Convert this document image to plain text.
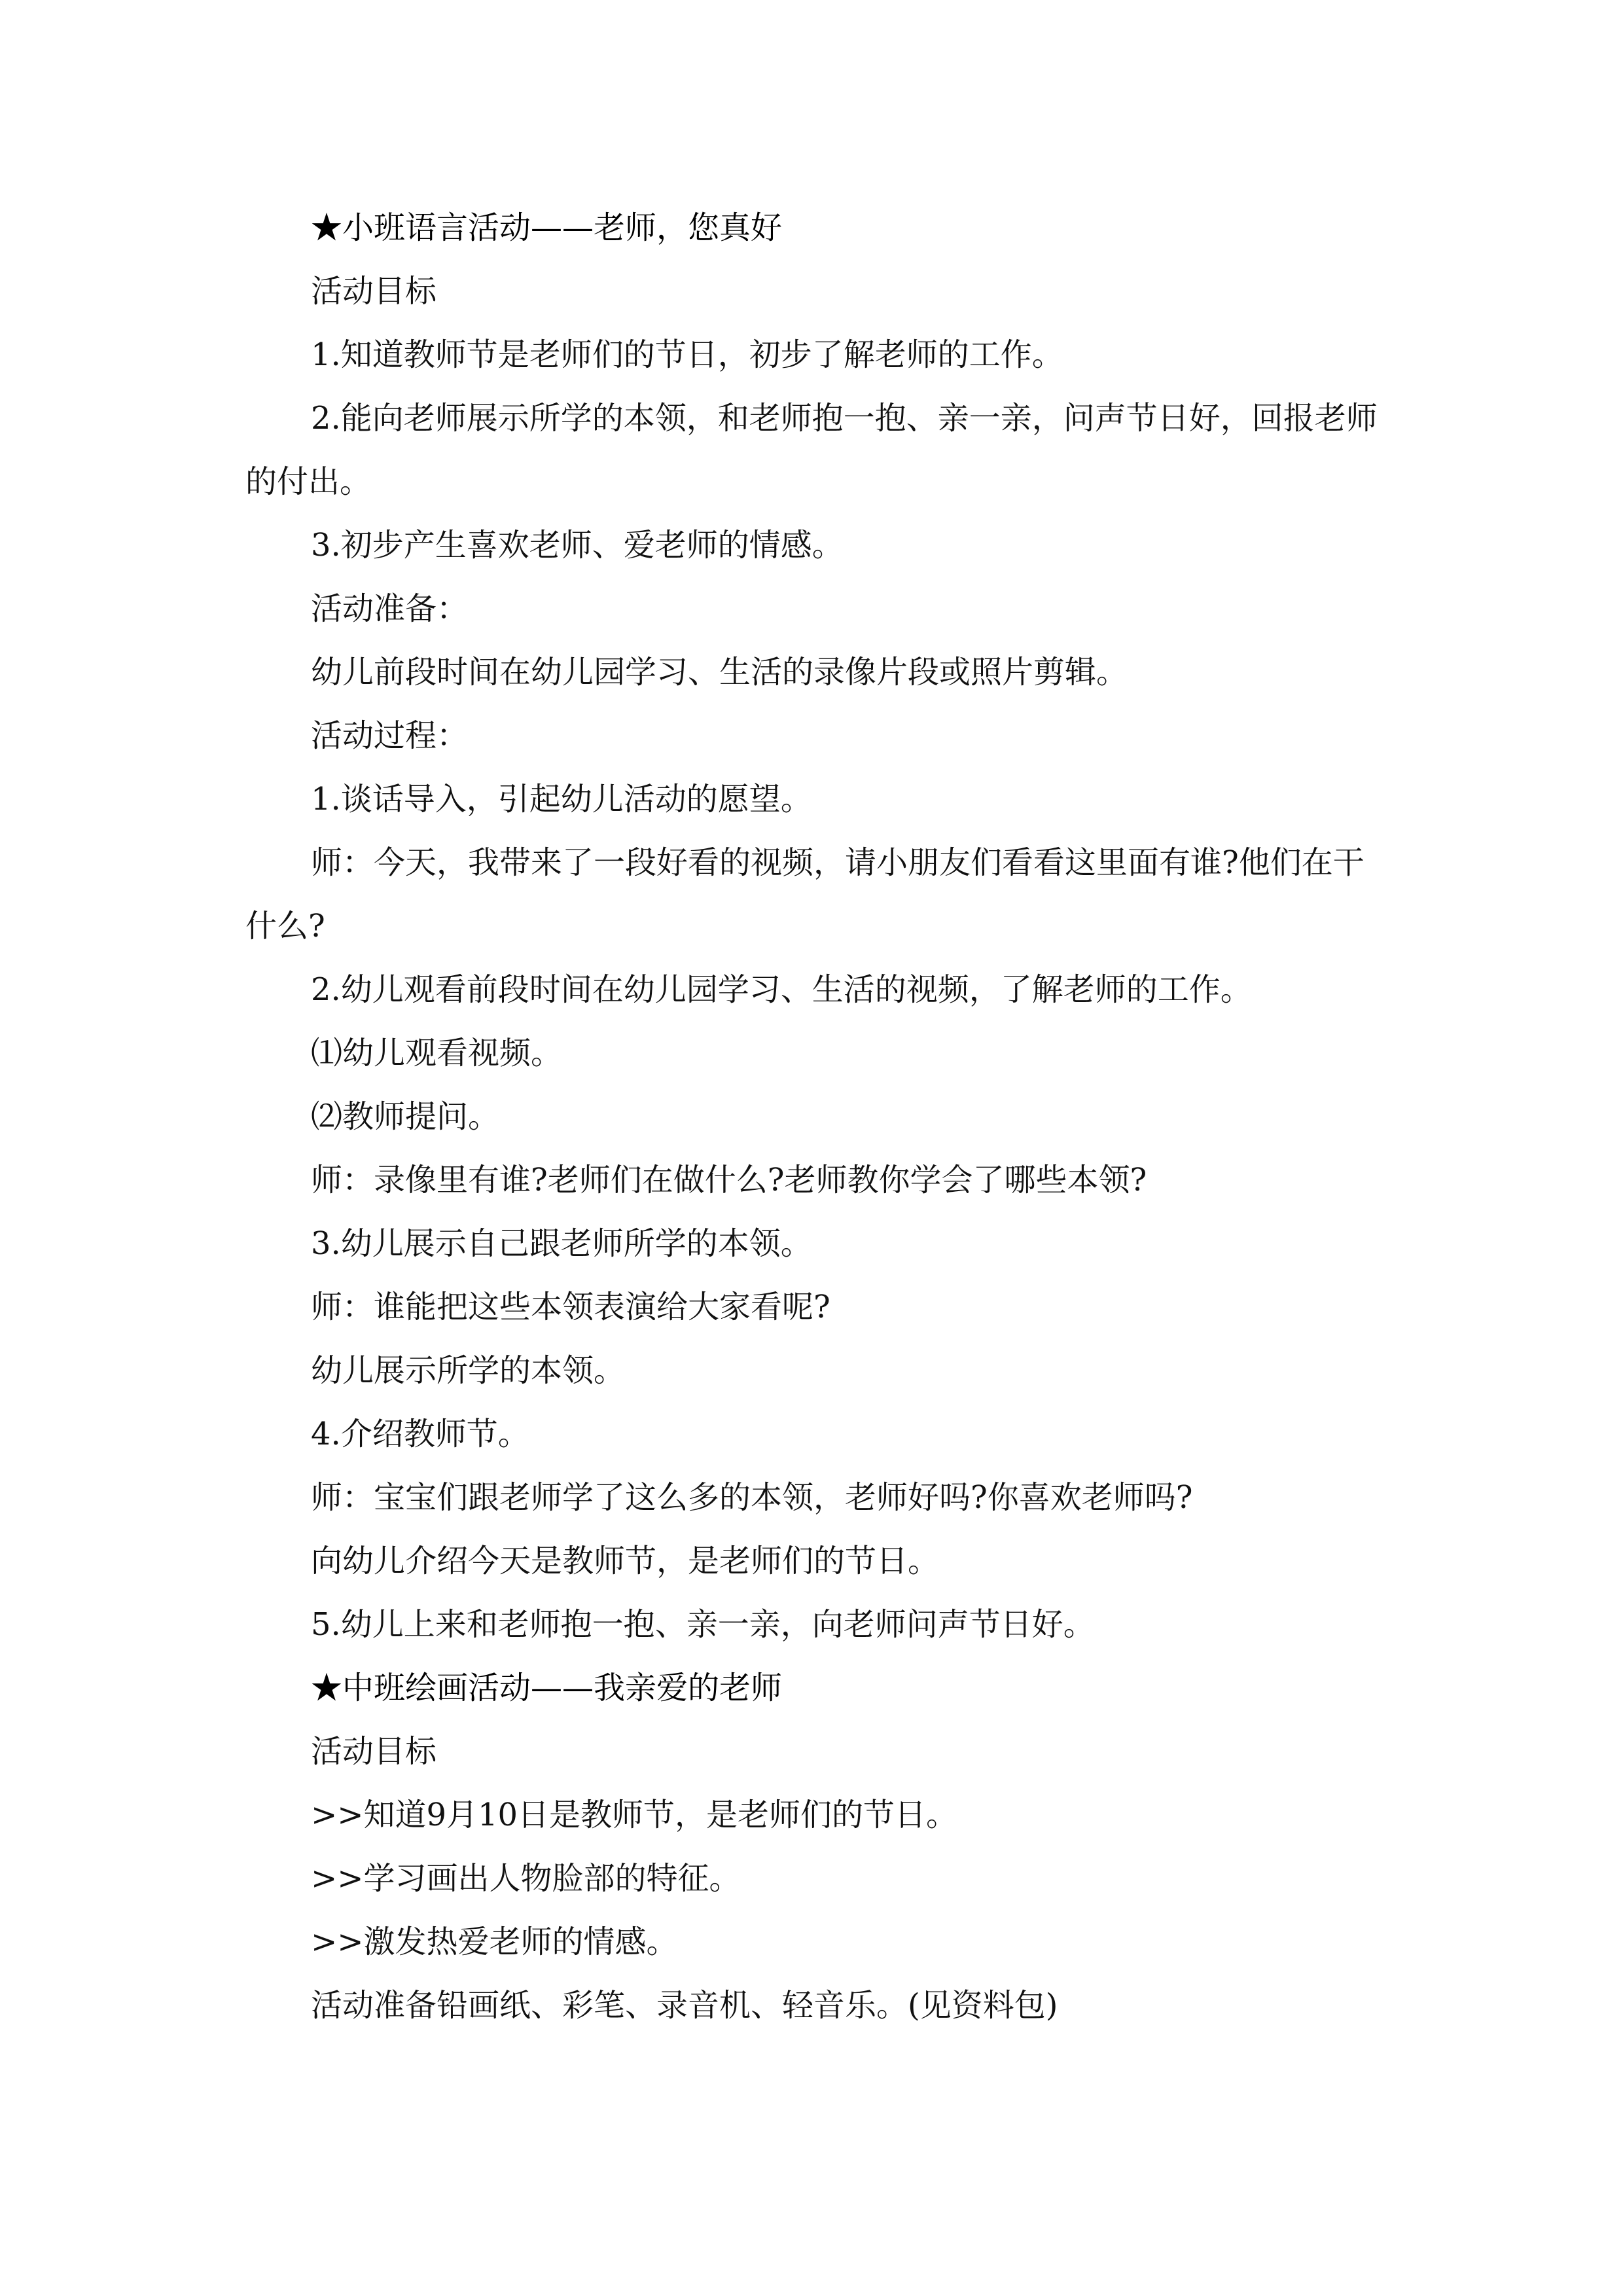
★小班语言活动——老师，您真好

活动目标

1.知道教师节是老师们的节日，初步了解老师的工作。

2.能向老师展示所学的本领，和老师抱一抱、亲一亲，问声节日好，回报老师的付出。

3.初步产生喜欢老师、爱老师的情感。

活动准备：

幼儿前段时间在幼儿园学习、生活的录像片段或照片剪辑。

活动过程：

1.谈话导入，引起幼儿活动的愿望。

师：今天，我带来了一段好看的视频，请小朋友们看看这里面有谁?他们在干什么?

2.幼儿观看前段时间在幼儿园学习、生活的视频，了解老师的工作。

⑴幼儿观看视频。

⑵教师提问。

师：录像里有谁?老师们在做什么?老师教你学会了哪些本领?

3.幼儿展示自己跟老师所学的本领。

师：谁能把这些本领表演给大家看呢?

幼儿展示所学的本领。

4.介绍教师节。

师：宝宝们跟老师学了这么多的本领，老师好吗?你喜欢老师吗?

向幼儿介绍今天是教师节，是老师们的节日。

5.幼儿上来和老师抱一抱、亲一亲，向老师问声节日好。

★中班绘画活动——我亲爱的老师

活动目标

>>知道9月10日是教师节，是老师们的节日。

>>学习画出人物脸部的特征。

>>激发热爱老师的情感。

活动准备铅画纸、彩笔、录音机、轻音乐。(见资料包)
